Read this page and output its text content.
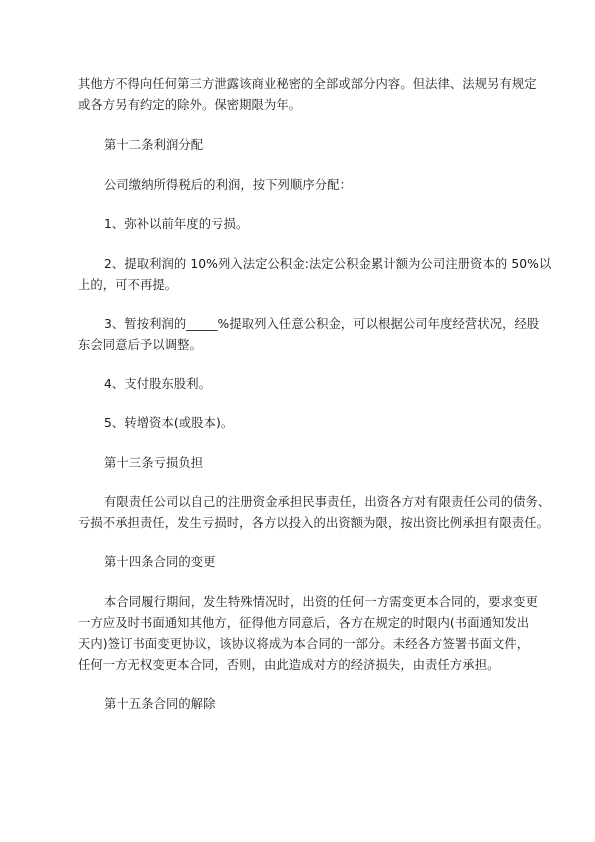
其他方不得向任何第三方泄露该商业秘密的全部或部分内容。但法律、法规另有规定
或各方另有约定的除外。保密期限为年。
第十二条利润分配
公司缴纳所得税后的利润，按下列顺序分配：
1、弥补以前年度的亏损。
2、提取利润的 10%列入法定公积金:法定公积金累计额为公司注册资本的 50%以
上的，可不再提。
3、暂按利润的_____%提取列入任意公积金，可以根据公司年度经营状况，经股
东会同意后予以调整。
4、支付股东股利。
5、转增资本(或股本)。
第十三条亏损负担
有限责任公司以自己的注册资金承担民事责任，出资各方对有限责任公司的债务、
亏损不承担责任，发生亏损时，各方以投入的出资额为限，按出资比例承担有限责任。
第十四条合同的变更
本合同履行期间，发生特殊情况时，出资的任何一方需变更本合同的，要求变更
一方应及时书面通知其他方，征得他方同意后，各方在规定的时限内(书面通知发出
天内)签订书面变更协议，该协议将成为本合同的一部分。未经各方签署书面文件，
任何一方无权变更本合同，否则，由此造成对方的经济损失，由责任方承担。
第十五条合同的解除
